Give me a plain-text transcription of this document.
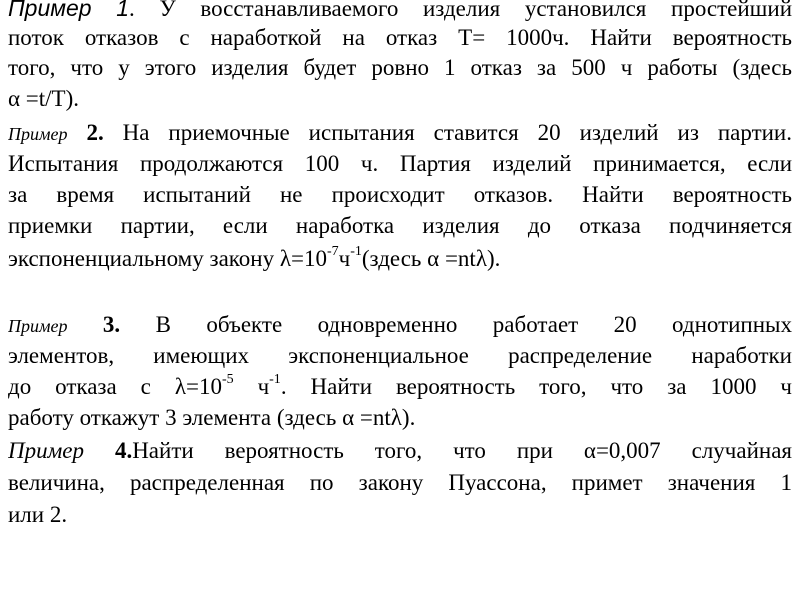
Пример 1. У восстанавливаемого изделия установился простейший
поток отказов с наработкой на отказ T= 1000ч. Найти вероятность
того, что у этого изделия будет ровно 1 отказ за 500 ч работы (здесь
α =t/T).
Пример 2. На приемочные испытания ставится 20 изделий из партии.
Испытания продолжаются 100 ч. Партия изделий принимается, если
за время испытаний не происходит отказов. Найти вероятность
приемки партии, если наработка изделия до отказа подчиняется
экспоненциальному закону $\lambda=10^{-7}ч^{-1}(здесь$ α =ntλ).
Пример 3. В объекте одновременно работает 20 однотипных
элементов, имеющих экспоненциальное распределение наработки
до отказа с $\lambda=10^{-5}$ $ч^{-1}$. Найти вероятность того, что за 1000 ч
работу откажут 3 элемента (здесь α =ntλ).
Пример 4.Найти вероятность того, что при α=0,007 случайная
величина, распределенная по закону Пуассона, примет значения 1
или 2.
